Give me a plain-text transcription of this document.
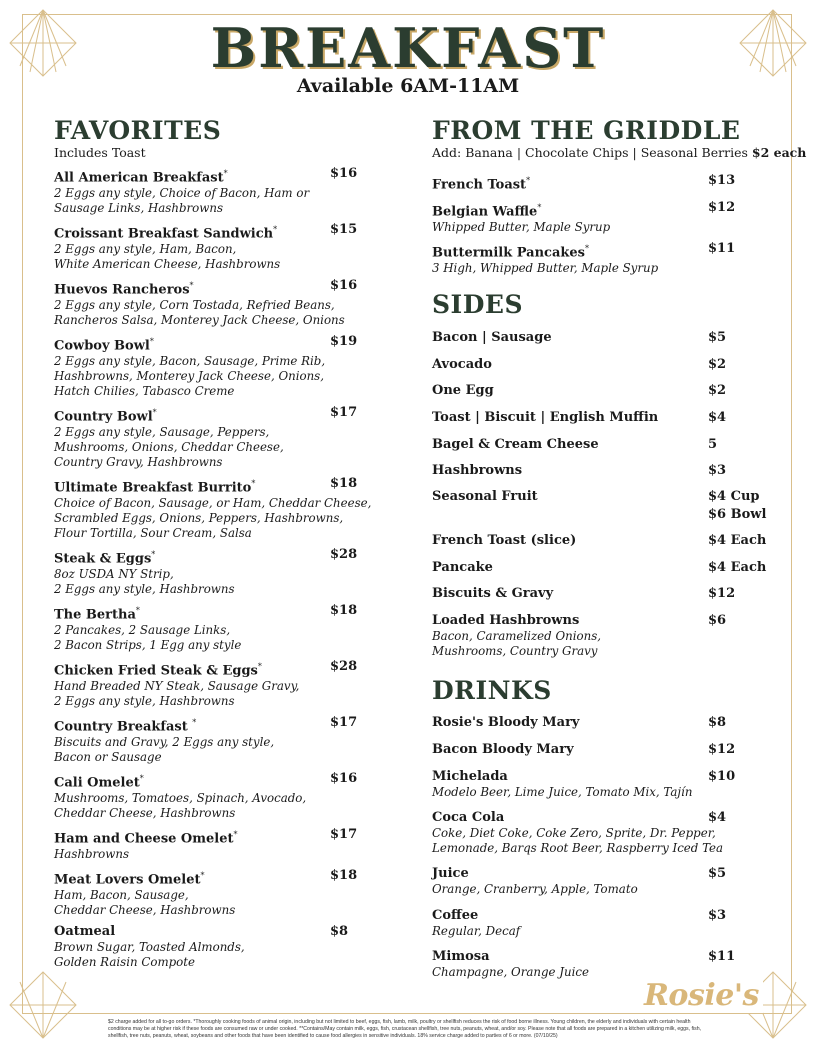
BREAKFAST
Available 6AM-11AM
FAVORITES
Includes Toast
All American Breakfast*
2 Eggs any style, Choice of Bacon, Ham or
Sausage Links, Hashbrowns
$16
Croissant Breakfast Sandwich*
2 Eggs any style, Ham, Bacon,
White American Cheese, Hashbrowns
$15
Huevos Rancheros*
2 Eggs any style, Corn Tostada, Refried Beans,
Rancheros Salsa, Monterey Jack Cheese, Onions
$16
Cowboy Bowl*
2 Eggs any style, Bacon, Sausage, Prime Rib,
Hashbrowns, Monterey Jack Cheese, Onions,
Hatch Chilies, Tabasco Creme
$19
Country Bowl*
2 Eggs any style, Sausage, Peppers,
Mushrooms, Onions, Cheddar Cheese,
Country Gravy, Hashbrowns
$17
Ultimate Breakfast Burrito*
Choice of Bacon, Sausage, or Ham, Cheddar Cheese,
Scrambled Eggs, Onions, Peppers, Hashbrowns,
Flour Tortilla, Sour Cream, Salsa
$18
Steak & Eggs*
8oz USDA NY Strip,
2 Eggs any style, Hashbrowns
$28
The Bertha*
2 Pancakes, 2 Sausage Links,
2 Bacon Strips, 1 Egg any style
$18
Chicken Fried Steak & Eggs*
Hand Breaded NY Steak, Sausage Gravy,
2 Eggs any style, Hashbrowns
$28
Country Breakfast *
Biscuits and Gravy, 2 Eggs any style,
Bacon or Sausage
$17
Cali Omelet*
Mushrooms, Tomatoes, Spinach, Avocado,
Cheddar Cheese, Hashbrowns
$16
Ham and Cheese Omelet*
Hashbrowns
$17
Meat Lovers Omelet*
Ham, Bacon, Sausage,
Cheddar Cheese, Hashbrowns
$18
Oatmeal
Brown Sugar, Toasted Almonds,
Golden Raisin Compote
$8
FROM THE GRIDDLE
Add: Banana | Chocolate Chips | Seasonal Berries $2 each
French Toast*	$13
Belgian Waffle*
Whipped Butter, Maple Syrup
$12
Buttermilk Pancakes*
3 High, Whipped Butter, Maple Syrup
$11
SIDES
Bacon | Sausage	$5
Avocado	$2
One Egg	$2
Toast | Biscuit | English Muffin	$4
Bagel & Cream Cheese	5
Hashbrowns	$3
Seasonal Fruit	$4 Cup
$6 Bowl
French Toast (slice)	$4 Each
Pancake	$4 Each
Biscuits & Gravy	$12
Loaded Hashbrowns
Bacon, Caramelized Onions,
Mushrooms, Country Gravy
$6
DRINKS
Rosie's Bloody Mary	$8
Bacon Bloody Mary	$12
Michelada
Modelo Beer, Lime Juice, Tomato Mix, Tajín
$10
Coca Cola
Coke, Diet Coke, Coke Zero, Sprite, Dr. Pepper,
Lemonade, Barqs Root Beer, Raspberry Iced Tea
$4
Juice
Orange, Cranberry, Apple, Tomato
$5
Coffee
Regular, Decaf
$3
Mimosa
Champagne, Orange Juice
$11
Rosie's
$2 charge added for all to-go orders. *Thoroughly cooking foods of animal origin, including but not limited to beef, eggs, fish, lamb, milk, poultry or shellfish reduces the risk of food borne illness. Young children, the elderly and individuals with certain health conditions may be at higher risk if these foods are consumed raw or under cooked. **Contains/May contain milk, eggs, fish, crustacean shellfish, tree nuts, peanuts, wheat, and/or soy. Please note that all foods are prepared in a kitchen utilizing milk, eggs, fish, shellfish, tree nuts, peanuts, wheat, soybeans and other foods that have been identified to cause food allergies in sensitive individuals. 18% service charge added to parties of 6 or more. (07/10/25)
